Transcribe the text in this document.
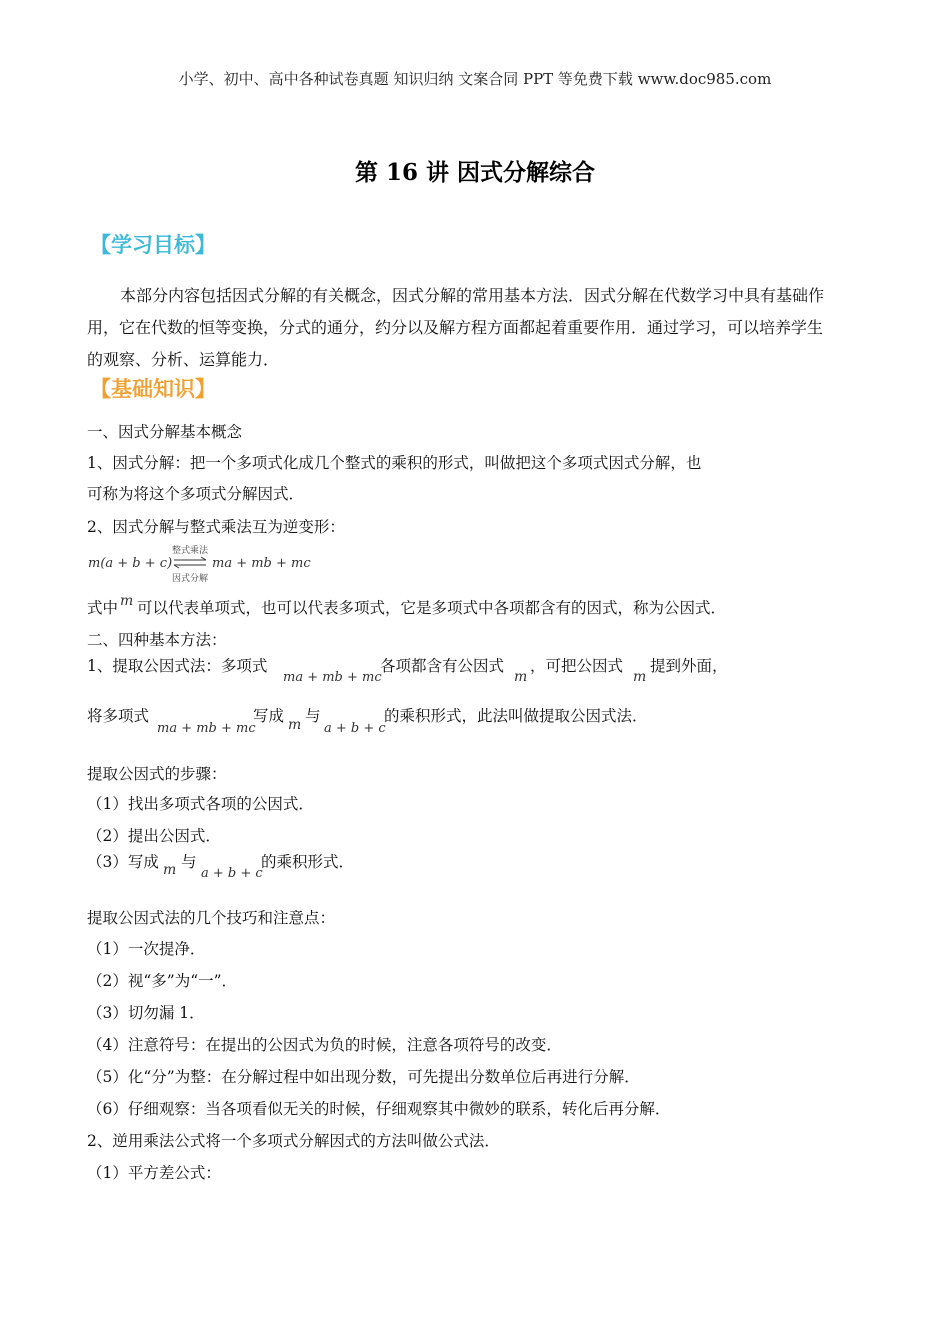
小学、初中、高中各种试卷真题 知识归纳 文案合同 PPT 等免费下载 www.doc985.com
第 16 讲 因式分解综合
【学习目标】
本部分内容包括因式分解的有关概念，因式分解的常用基本方法．因式分解在代数学习中具有基础作
用，它在代数的恒等变换，分式的通分，约分以及解方程方面都起着重要作用．通过学习，可以培养学生
的观察、分析、运算能力．
【基础知识】
一、因式分解基本概念
1、因式分解：把一个多项式化成几个整式的乘积的形式，叫做把这个多项式因式分解，也
可称为将这个多项式分解因式．
2、因式分解与整式乘法互为逆变形：
m(a + b + c)
整式乘法
因式分解
ma + mb + mc
式中 m 可以代表单项式，也可以代表多项式，它是多项式中各项都含有的因式，称为公因式．
二、四种基本方法：
1、提取公因式法：多项式
ma + mb + mc
各项都含有公因式
m
，可把公因式
m
提到外面，
将多项式
ma + mb + mc
写成 m 与
a + b + c
的乘积形式，此法叫做提取公因式法．
提取公因式的步骤：
（1）找出多项式各项的公因式．
（2）提出公因式．
（3）写成 m 与
a + b + c
的乘积形式．
提取公因式法的几个技巧和注意点：
（1）一次提净．
（2）视“多”为“一”．
（3）切勿漏 1．
（4）注意符号：在提出的公因式为负的时候，注意各项符号的改变．
（5）化“分”为整：在分解过程中如出现分数，可先提出分数单位后再进行分解．
（6）仔细观察：当各项看似无关的时候，仔细观察其中微妙的联系，转化后再分解．
2、逆用乘法公式将一个多项式分解因式的方法叫做公式法．
（1）平方差公式：
